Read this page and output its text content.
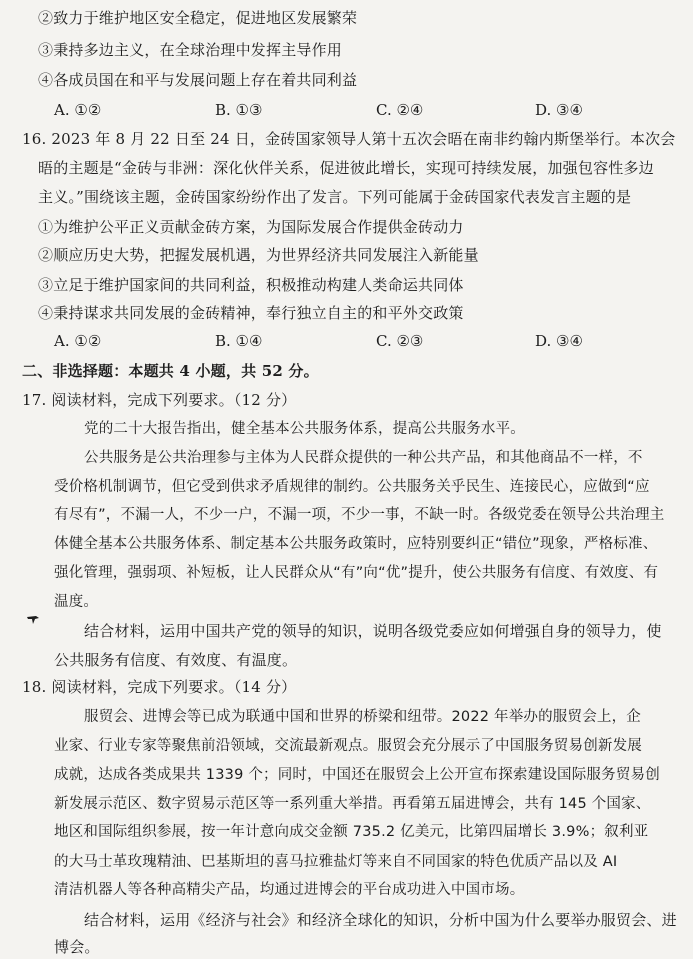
②致力于维护地区安全稳定，促进地区发展繁荣
③秉持多边主义，在全球治理中发挥主导作用
④各成员国在和平与发展问题上存在着共同利益
A. ①②	B. ①③	C. ②④	D. ③④
16. 2023 年 8 月 22 日至 24 日，金砖国家领导人第十五次会晤在南非约翰内斯堡举行。本次会
晤的主题是“金砖与非洲：深化伙伴关系，促进彼此增长，实现可持续发展，加强包容性多边
主义。”围绕该主题，金砖国家纷纷作出了发言。下列可能属于金砖国家代表发言主题的是
①为维护公平正义贡献金砖方案，为国际发展合作提供金砖动力
②顺应历史大势，把握发展机遇，为世界经济共同发展注入新能量
③立足于维护国家间的共同利益，积极推动构建人类命运共同体
④秉持谋求共同发展的金砖精神，奉行独立自主的和平外交政策
A. ①②	B. ①④	C. ②③	D. ③④
二、非选择题：本题共 4 小题，共 52 分。
17. 阅读材料，完成下列要求。（12 分）
党的二十大报告指出，健全基本公共服务体系，提高公共服务水平。
公共服务是公共治理参与主体为人民群众提供的一种公共产品，和其他商品不一样，不
受价格机制调节，但它受到供求矛盾规律的制约。公共服务关乎民生、连接民心，应做到“应
有尽有”，不漏一人，不少一户，不漏一项，不少一事，不缺一时。各级党委在领导公共治理主
体健全基本公共服务体系、制定基本公共服务政策时，应特别要纠正“错位”现象，严格标准、
强化管理，强弱项、补短板，让人民群众从“有”向“优”提升，使公共服务有信度、有效度、有
温度。
结合材料，运用中国共产党的领导的知识，说明各级党委应如何增强自身的领导力，使
公共服务有信度、有效度、有温度。
18. 阅读材料，完成下列要求。（14 分）
服贸会、进博会等已成为联通中国和世界的桥梁和纽带。2022 年举办的服贸会上，企
业家、行业专家等聚焦前沿领域，交流最新观点。服贸会充分展示了中国服务贸易创新发展
成就，达成各类成果共 1339 个；同时，中国还在服贸会上公开宣布探索建设国际服务贸易创
新发展示范区、数字贸易示范区等一系列重大举措。再看第五届进博会，共有 145 个国家、
地区和国际组织参展，按一年计意向成交金额 735.2 亿美元，比第四届增长 3.9%；叙利亚
的大马士革玫瑰精油、巴基斯坦的喜马拉雅盐灯等来自不同国家的特色优质产品以及 AI
清洁机器人等各种高精尖产品，均通过进博会的平台成功进入中国市场。
结合材料，运用《经济与社会》和经济全球化的知识，分析中国为什么要举办服贸会、进
博会。
